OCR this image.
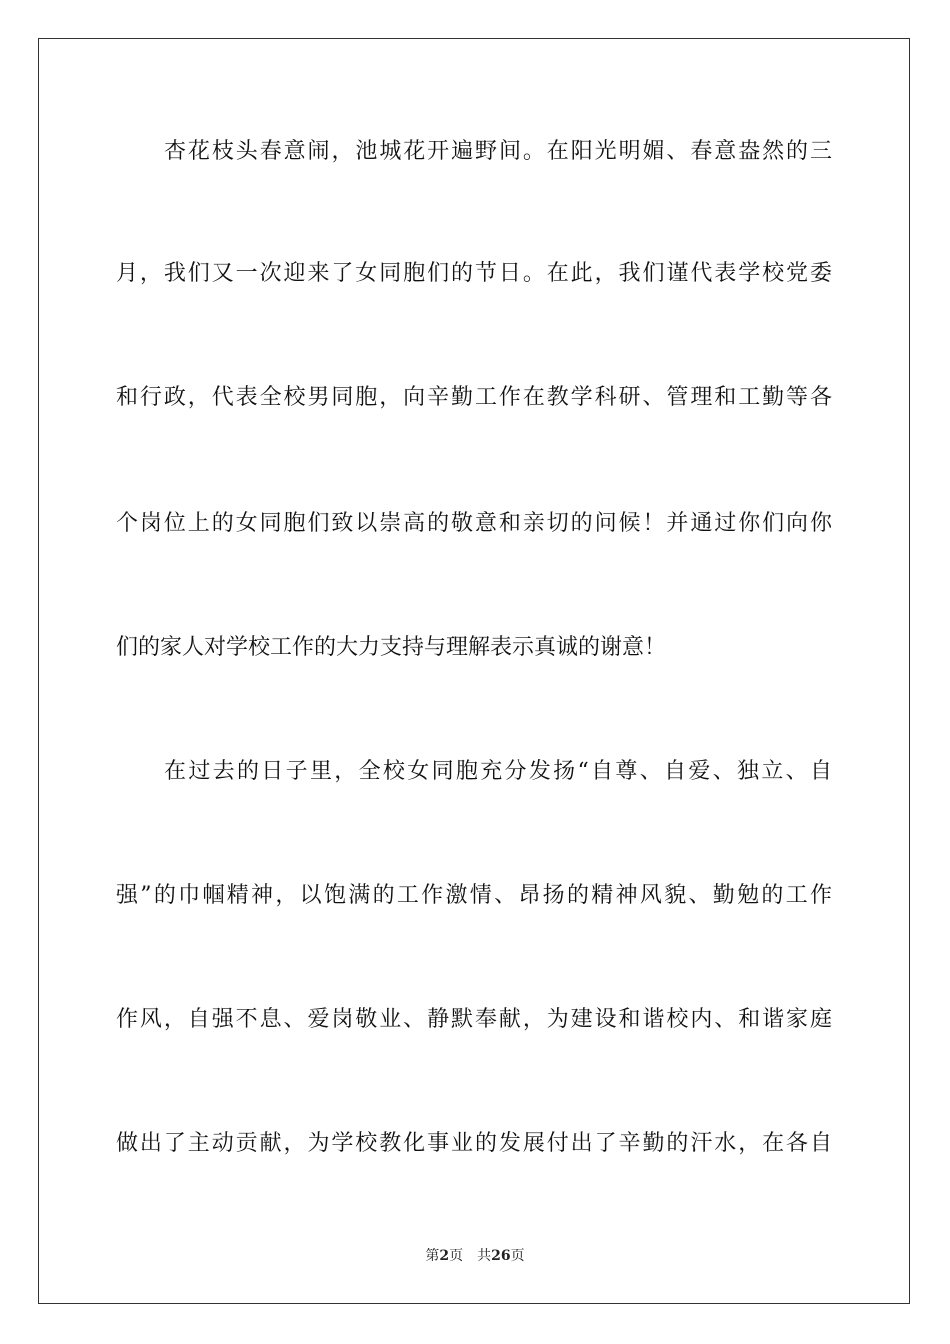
杏花枝头春意闹，池城花开遍野间。在阳光明媚、春意盎然的三
月，我们又一次迎来了女同胞们的节日。在此，我们谨代表学校党委
和行政，代表全校男同胞，向辛勤工作在教学科研、管理和工勤等各
个岗位上的女同胞们致以崇高的敬意和亲切的问候！并通过你们向你
们的家人对学校工作的大力支持与理解表示真诚的谢意！
在过去的日子里，全校女同胞充分发扬“自尊、自爱、独立、自
强”的巾帼精神，以饱满的工作激情、昂扬的精神风貌、勤勉的工作
作风，自强不息、爱岗敬业、静默奉献，为建设和谐校内、和谐家庭
做出了主动贡献，为学校教化事业的发展付出了辛勤的汗水，在各自
第2页 共26页
